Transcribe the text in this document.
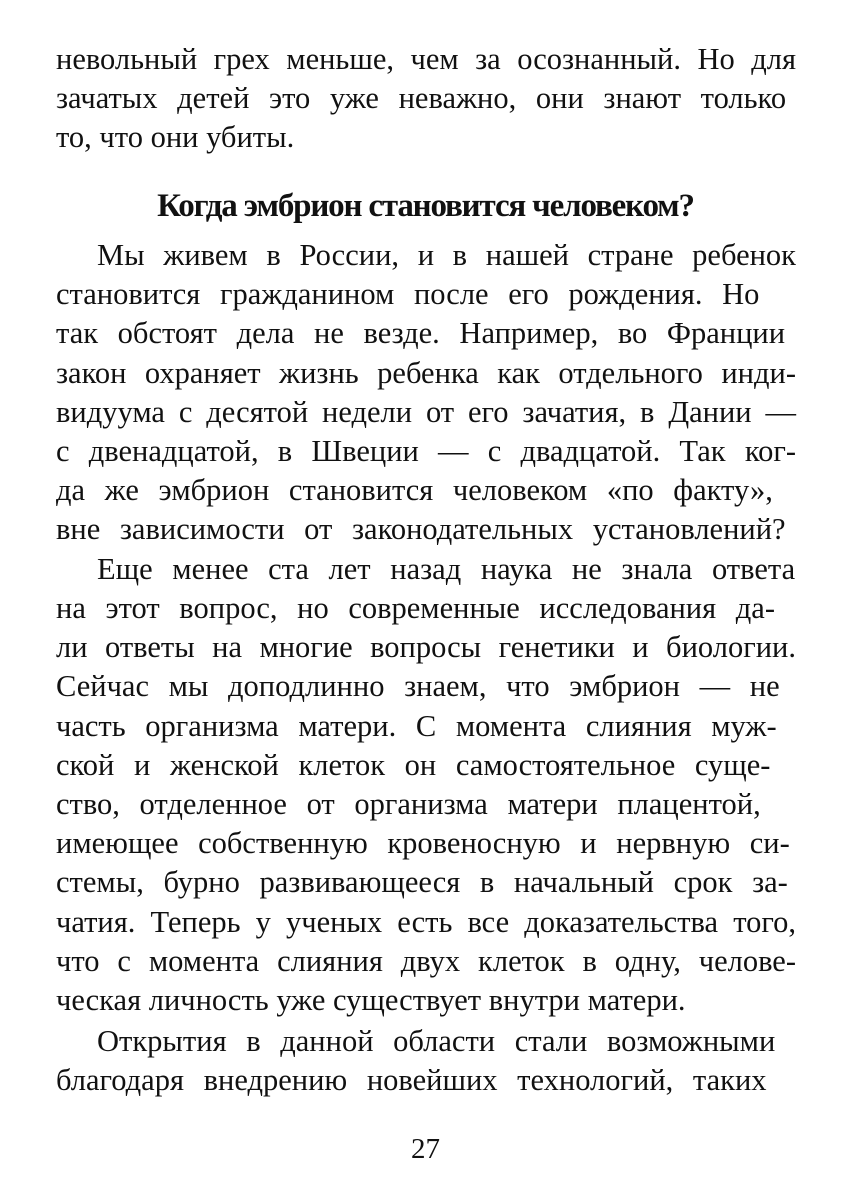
невольный грех меньше, чем за осознанный. Но для
зачатых детей это уже неважно, они знают только
то, что они убиты.
Когда эмбрион становится человеком?
Мы живем в России, и в нашей стране ребенок
становится гражданином после его рождения. Но
так обстоят дела не везде. Например, во Франции
закон охраняет жизнь ребенка как отдельного инди-
видуума с десятой недели от его зачатия, в Дании —
с двенадцатой, в Швеции — с двадцатой. Так ког-
да же эмбрион становится человеком «по факту»,
вне зависимости от законодательных установлений?
Еще менее ста лет назад наука не знала ответа
на этот вопрос, но современные исследования да-
ли ответы на многие вопросы генетики и биологии.
Сейчас мы доподлинно знаем, что эмбрион — не
часть организма матери. С момента слияния муж-
ской и женской клеток он самостоятельное суще-
ство, отделенное от организма матери плацентой,
имеющее собственную кровеносную и нервную си-
стемы, бурно развивающееся в начальный срок за-
чатия. Теперь у ученых есть все доказательства того,
что с момента слияния двух клеток в одну, челове-
ческая личность уже существует внутри матери.
Открытия в данной области стали возможными
благодаря внедрению новейших технологий, таких
27
